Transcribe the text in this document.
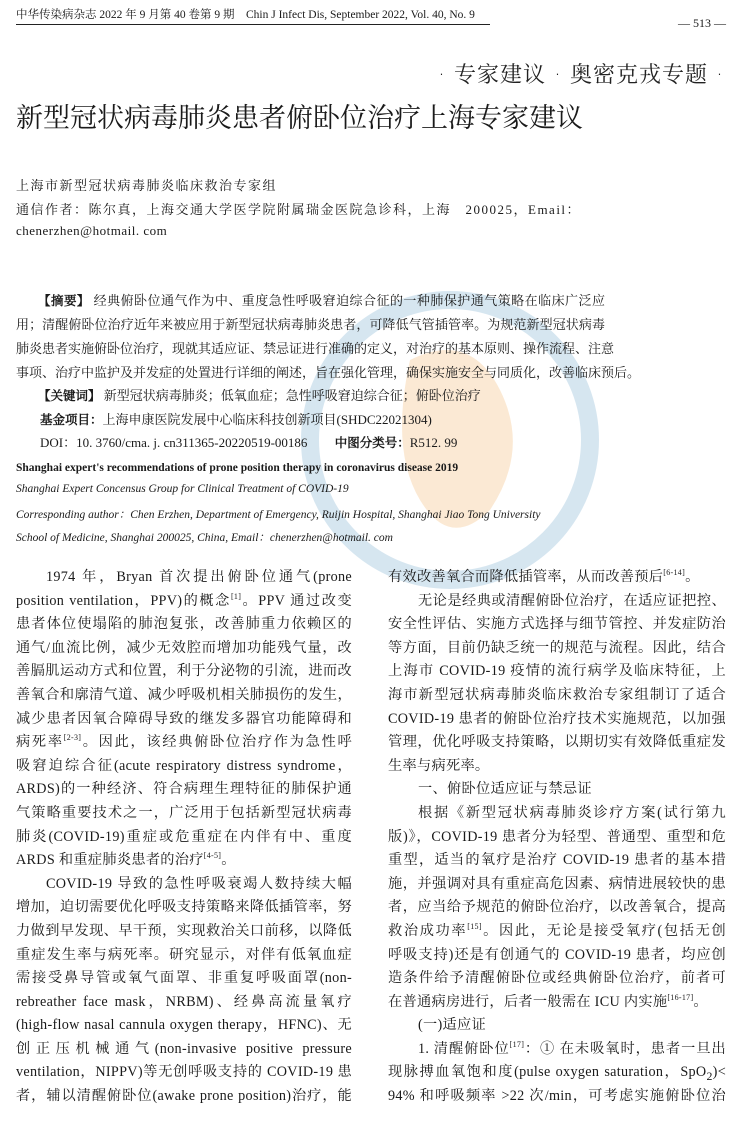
中华传染病杂志 2022 年 9 月第 40 卷第 9 期　Chin J Infect Dis, September 2022, Vol. 40, No. 9
— 513 —
· 专家建议 · 奥密克戎专题 ·
新型冠状病毒肺炎患者俯卧位治疗上海专家建议
上海市新型冠状病毒肺炎临床救治专家组
通信作者：陈尔真，上海交通大学医学院附属瑞金医院急诊科，上海　200025，Email：
chenerzhen@hotmail. com
【摘要】 经典俯卧位通气作为中、重度急性呼吸窘迫综合征的一种肺保护通气策略在临床广泛应
用；清醒俯卧位治疗近年来被应用于新型冠状病毒肺炎患者，可降低气管插管率。为规范新型冠状病毒
肺炎患者实施俯卧位治疗，现就其适应证、禁忌证进行准确的定义，对治疗的基本原则、操作流程、注意
事项、治疗中监护及并发症的处置进行详细的阐述，旨在强化管理，确保实施安全与同质化，改善临床预后。
【关键词】 新型冠状病毒肺炎；低氧血症；急性呼吸窘迫综合征；俯卧位治疗
基金项目：上海申康医院发展中心临床科技创新项目(SHDC22021304)
DOI：10. 3760/cma. j. cn311365-20220519-00186 中图分类号：R512. 99
Shanghai expert's recommendations of prone position therapy in coronavirus disease 2019
Shanghai Expert Concensus Group for Clinical Treatment of COVID-19
Corresponding author：Chen Erzhen, Department of Emergency, Ruijin Hospital, Shanghai Jiao Tong University
School of Medicine, Shanghai 200025, China, Email：chenerzhen@hotmail. com
1974 年，Bryan 首次提出俯卧位通气(prone
position ventilation，PPV)的概念[1]。PPV 通过改变
患者体位使塌陷的肺泡复张，改善肺重力依赖区的
通气/血流比例，减少无效腔而增加功能残气量，改
善膈肌运动方式和位置，利于分泌物的引流，进而改
善氧合和廓清气道、减少呼吸机相关肺损伤的发生，
减少患者因氧合障碍导致的继发多器官功能障碍和
病死率[2-3]。因此，该经典俯卧位治疗作为急性呼
吸窘迫综合征(acute respiratory distress syndrome，
ARDS)的一种经济、符合病理生理特征的肺保护通
气策略重要技术之一，广泛用于包括新型冠状病毒
肺炎(COVID-19)重症或危重症在内伴有中、重度
ARDS 和重症肺炎患者的治疗[4-5]。
COVID-19 导致的急性呼吸衰竭人数持续大幅
增加，迫切需要优化呼吸支持策略来降低插管率，努
力做到早发现、早干预，实现救治关口前移，以降低
重症发生率与病死率。研究显示，对伴有低氧血症
需接受鼻导管或氧气面罩、非重复呼吸面罩(non-
rebreather face mask，NRBM)、经鼻高流量氧疗
(high-flow nasal cannula oxygen therapy，HFNC)、无
创正压机械通气(non-invasive positive pressure
ventilation，NIPPV)等无创呼吸支持的 COVID-19 患
者，辅以清醒俯卧位(awake prone position)治疗，能
有效改善氧合而降低插管率，从而改善预后[6-14]。
无论是经典或清醒俯卧位治疗，在适应证把控、
安全性评估、实施方式选择与细节管控、并发症防治
等方面，目前仍缺乏统一的规范与流程。因此，结合
上海市 COVID-19 疫情的流行病学及临床特征，上
海市新型冠状病毒肺炎临床救治专家组制订了适合
COVID-19 患者的俯卧位治疗技术实施规范，以加强
管理，优化呼吸支持策略，以期切实有效降低重症发
生率与病死率。
一、俯卧位适应证与禁忌证
根据《新型冠状病毒肺炎诊疗方案(试行第九
版)》，COVID-19 患者分为轻型、普通型、重型和危
重型，适当的氧疗是治疗 COVID-19 患者的基本措
施，并强调对具有重症高危因素、病情进展较快的患
者，应当给予规范的俯卧位治疗，以改善氧合，提高
救治成功率[15]。因此，无论是接受氧疗(包括无创
呼吸支持)还是有创通气的 COVID-19 患者，均应创
造条件给予清醒俯卧位或经典俯卧位治疗，前者可
在普通病房进行，后者一般需在 ICU 内实施[16-17]。
(一)适应证
1. 清醒俯卧位[17]：① 在未吸氧时，患者一旦出
现脉搏血氧饱和度(pulse oxygen saturation，SpO$_2$)<
94% 和呼吸频率 >22 次/min，可考虑实施俯卧位治
